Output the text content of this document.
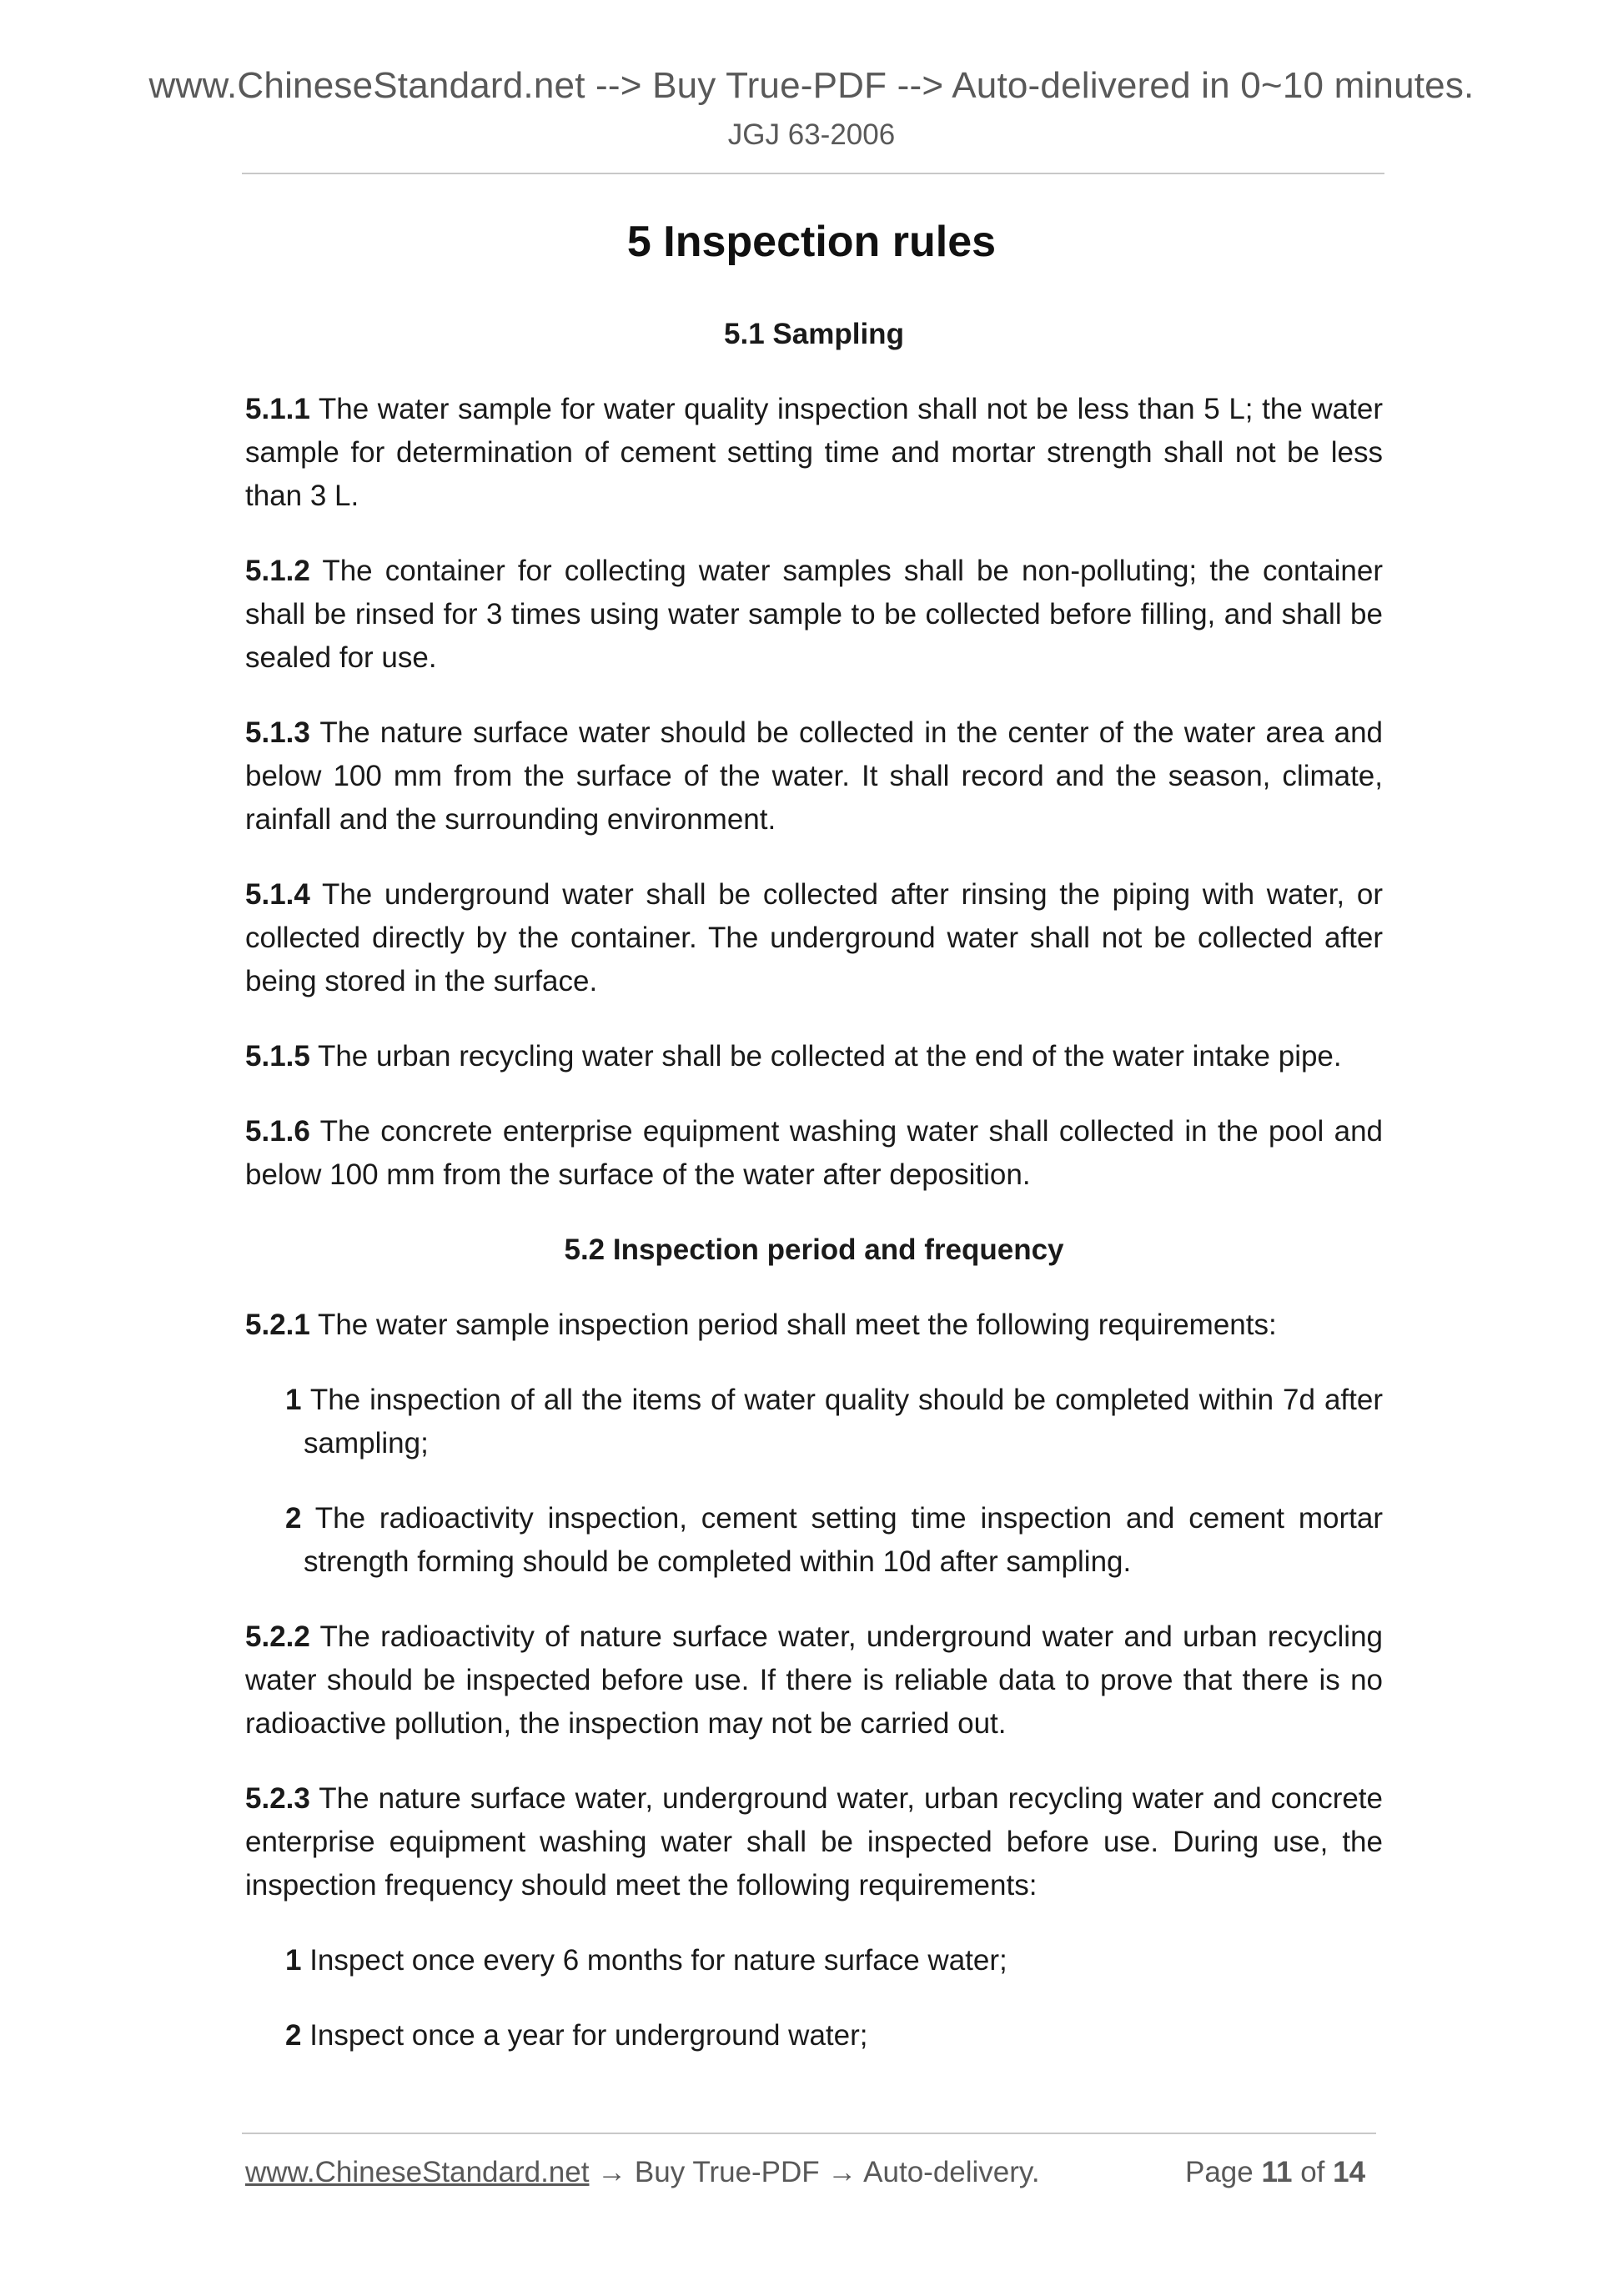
www.ChineseStandard.net --> Buy True-PDF --> Auto-delivered in 0~10 minutes.
JGJ 63-2006
5 Inspection rules
5.1 Sampling
5.1.1 The water sample for water quality inspection shall not be less than 5 L; the water sample for determination of cement setting time and mortar strength shall not be less than 3 L.
5.1.2 The container for collecting water samples shall be non-polluting; the container shall be rinsed for 3 times using water sample to be collected before filling, and shall be sealed for use.
5.1.3 The nature surface water should be collected in the center of the water area and below 100 mm from the surface of the water. It shall record and the season, climate, rainfall and the surrounding environment.
5.1.4 The underground water shall be collected after rinsing the piping with water, or collected directly by the container. The underground water shall not be collected after being stored in the surface.
5.1.5 The urban recycling water shall be collected at the end of the water intake pipe.
5.1.6 The concrete enterprise equipment washing water shall collected in the pool and below 100 mm from the surface of the water after deposition.
5.2 Inspection period and frequency
5.2.1 The water sample inspection period shall meet the following requirements:
1 The inspection of all the items of water quality should be completed within 7d after sampling;
2 The radioactivity inspection, cement setting time inspection and cement mortar strength forming should be completed within 10d after sampling.
5.2.2 The radioactivity of nature surface water, underground water and urban recycling water should be inspected before use. If there is reliable data to prove that there is no radioactive pollution, the inspection may not be carried out.
5.2.3 The nature surface water, underground water, urban recycling water and concrete enterprise equipment washing water shall be inspected before use. During use, the inspection frequency should meet the following requirements:
1 Inspect once every 6 months for nature surface water;
2 Inspect once a year for underground water;
www.ChineseStandard.net → Buy True-PDF → Auto-delivery.	Page 11 of 14
